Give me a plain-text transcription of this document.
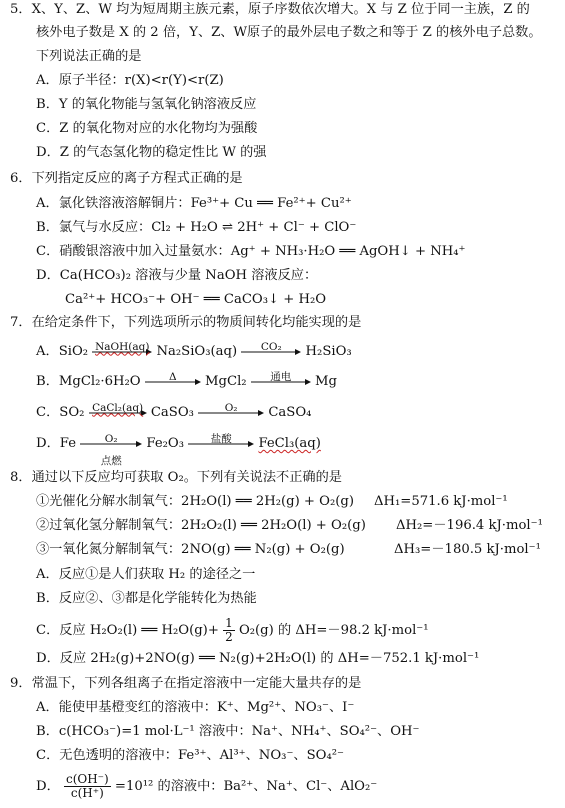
5．X、Y、Z、W 均为短周期主族元素，原子序数依次增大。X 与 Z 位于同一主族，Z 的
核外电子数是 X 的 2 倍，Y、Z、W原子的最外层电子数之和等于 Z 的核外电子总数。
下列说法正确的是
A．原子半径：r(X)<r(Y)<r(Z)
B．Y 的氧化物能与氢氧化钠溶液反应
C．Z 的氧化物对应的水化物均为强酸
D．Z 的气态氢化物的稳定性比 W 的强
6．下列指定反应的离子方程式正确的是
A．氯化铁溶液溶解铜片：Fe³⁺+ Cu ══ Fe²⁺+ Cu²⁺
B．氯气与水反应：Cl₂ + H₂O ⇌ 2H⁺ + Cl⁻ + ClO⁻
C．硝酸银溶液中加入过量氨水：Ag⁺ + NH₃·H₂O ══ AgOH↓ + NH₄⁺
D．Ca(HCO₃)₂ 溶液与少量 NaOH 溶液反应：
Ca²⁺+ HCO₃⁻+ OH⁻ ══ CaCO₃↓ + H₂O
7．在给定条件下，下列选项所示的物质间转化均能实现的是
A．SiO₂ NaOH(aq) Na₂SiO₃(aq)	CO₂	H₂SiO₃
B．MgCl₂·6H₂O	Δ	MgCl₂	通电	Mg
C．SO₂ CaCl₂(aq) CaSO₃	O₂	CaSO₄
D．Fe	O₂
点燃
Fe₂O₃	盐酸	FeCl₃(aq)
8．通过以下反应均可获取 O₂。下列有关说法不正确的是
①光催化分解水制氧气：2H₂O(l) ══ 2H₂(g) + O₂(g) ΔH₁=571.6 kJ·mol⁻¹
②过氧化氢分解制氧气：2H₂O₂(l) ══ 2H₂O(l) + O₂(g) ΔH₂=－196.4 kJ·mol⁻¹
③一氧化氮分解制氧气：2NO(g) ══ N₂(g) + O₂(g)	ΔH₃=－180.5 kJ·mol⁻¹
A．反应①是人们获取 H₂ 的途径之一
B．反应②、③都是化学能转化为热能
C．反应 H₂O₂(l) ══ $H_2O(g)+ \frac{1}{2} O_2(g)$ 的 ΔH=－98.2 kJ·mol⁻¹
D．反应 2H₂(g)+2NO(g) ══ N₂(g)+2H₂O(l) 的 ΔH=－752.1 kJ·mol⁻¹
9．常温下，下列各组离子在指定溶液中一定能大量共存的是
A．能使甲基橙变红的溶液中：K⁺、Mg²⁺、NO₃⁻、I⁻
B．c(HCO₃⁻)=1 mol·L⁻¹ 溶液中：Na⁺、NH₄⁺、SO₄²⁻、OH⁻
C．无色透明的溶液中：Fe³⁺、Al³⁺、NO₃⁻、SO₄²⁻
D． $\frac{c(OH^-)}{c(H^+)} =10^{12}$ 的溶液中：Ba²⁺、Na⁺、Cl⁻、AlO₂⁻
